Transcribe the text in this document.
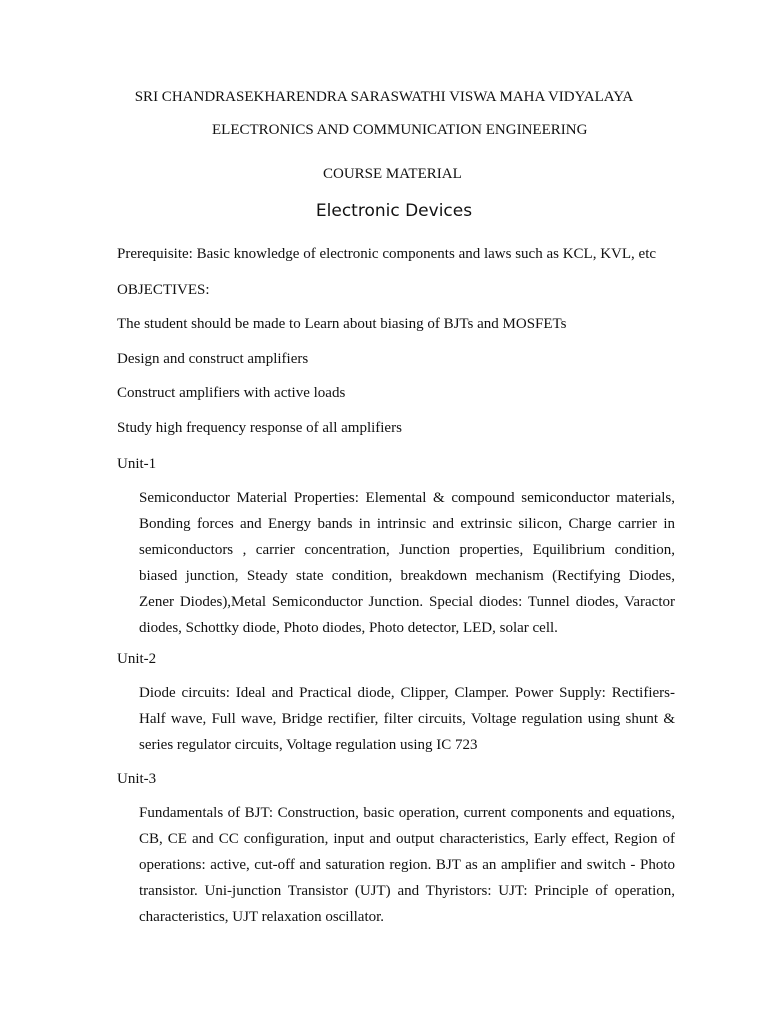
SRI CHANDRASEKHARENDRA SARASWATHI VISWA MAHA VIDYALAYA
ELECTRONICS AND COMMUNICATION ENGINEERING
COURSE MATERIAL
Electronic Devices
Prerequisite: Basic knowledge of electronic components and laws such as KCL, KVL, etc
OBJECTIVES:
The student should be made to Learn about biasing of BJTs and MOSFETs
Design and construct amplifiers
Construct amplifiers with active loads
Study high frequency response of all amplifiers
Unit-1
Semiconductor Material Properties: Elemental & compound semiconductor materials, Bonding forces and Energy bands in intrinsic and extrinsic silicon, Charge carrier in semiconductors , carrier concentration, Junction properties, Equilibrium condition, biased junction, Steady state condition, breakdown mechanism (Rectifying Diodes, Zener Diodes),Metal Semiconductor Junction. Special diodes: Tunnel diodes, Varactor diodes, Schottky diode, Photo diodes, Photo detector, LED, solar cell.
Unit-2
Diode circuits: Ideal and Practical diode, Clipper, Clamper. Power Supply: Rectifiers-Half wave, Full wave, Bridge rectifier, filter circuits, Voltage regulation using shunt & series regulator circuits, Voltage regulation using IC 723
Unit-3
Fundamentals of BJT: Construction, basic operation, current components and equations, CB, CE and CC configuration, input and output characteristics, Early effect, Region of operations: active, cut-off and saturation region. BJT as an amplifier and switch - Photo transistor. Uni-junction Transistor (UJT) and Thyristors: UJT: Principle of operation, characteristics, UJT relaxation oscillator.
